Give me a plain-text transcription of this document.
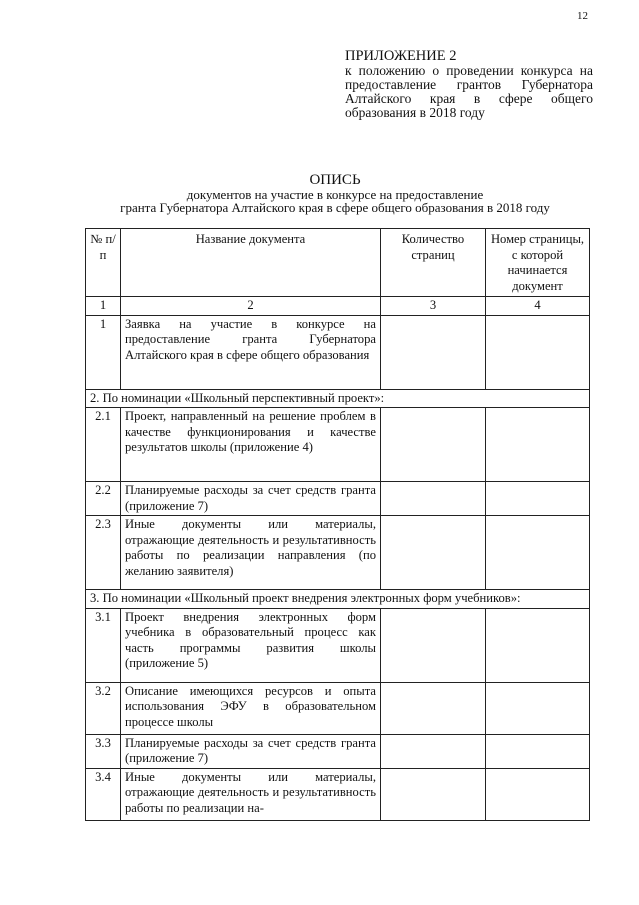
12
ПРИЛОЖЕНИЕ 2
к положению о проведении конкурса на предоставление грантов Губернатора Алтайского края в сфере общего образования в 2018 году
ОПИСЬ
документов на участие в конкурсе на предоставление
гранта Губернатора Алтайского края в сфере общего образования в 2018 году
№ п/п	Название документа	Количество страниц	Номер страницы, с которой начинается документ
1	2	3	4
1	Заявка на участие в конкурсе на предоставление гранта Губернатора Алтайского края в сфере общего образования		
2. По номинации «Школьный перспективный проект»:			
2.1	Проект, направленный на решение проблем в качестве функционирования и качестве результатов школы (приложение 4)		
2.2	Планируемые расходы за счет средств гранта (приложение 7)		
2.3	Иные документы или материалы, отражающие деятельность и результативность работы по реализации направления (по желанию заявителя)		
3. По номинации «Школьный проект внедрения электронных форм учебников»:			
3.1	Проект внедрения электронных форм учебника в образовательный процесс как часть программы развития школы (приложение 5)		
3.2	Описание имеющихся ресурсов и опыта использования ЭФУ в образовательном процессе школы		
3.3	Планируемые расходы за счет средств гранта (приложение 7)		
3.4	Иные документы или материалы, отражающие деятельность и результативность работы по реализации на-		
